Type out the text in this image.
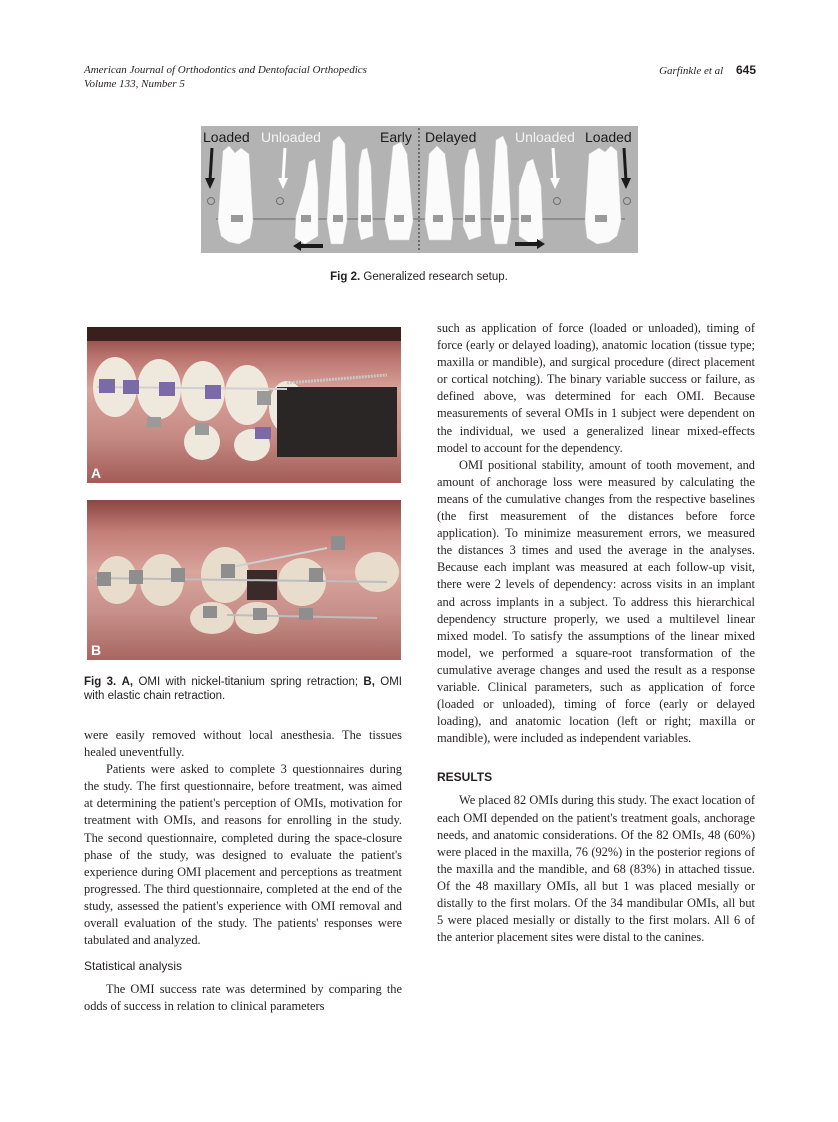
American Journal of Orthodontics and Dentofacial Orthopedics
Volume 133, Number 5
Garfinkle et al 645
Loaded Unloaded	Early Delayed	Unloaded Loaded
Fig 2. Generalized research setup.
A
B
Fig 3. A, OMI with nickel-titanium spring retraction; B, OMI with elastic chain retraction.

were easily removed without local anesthesia. The tissues healed uneventfully.

Patients were asked to complete 3 questionnaires during the study. The first questionnaire, before treatment, was aimed at determining the patient's perception of OMIs, motivation for treatment with OMIs, and reasons for enrolling in the study. The second questionnaire, completed during the space-closure phase of the study, was designed to evaluate the patient's experience during OMI placement and perceptions as treatment progressed. The third questionnaire, completed at the end of the study, assessed the patient's experience with OMI removal and overall evaluation of the study. The patients' responses were tabulated and analyzed.

Statistical analysis

The OMI success rate was determined by comparing the odds of success in relation to clinical parameters

such as application of force (loaded or unloaded), timing of force (early or delayed loading), anatomic location (tissue type; maxilla or mandible), and surgical procedure (direct placement or cortical notching). The binary variable success or failure, as defined above, was determined for each OMI. Because measurements of several OMIs in 1 subject were dependent on the individual, we used a generalized linear mixed-effects model to account for the dependency.

OMI positional stability, amount of tooth movement, and amount of anchorage loss were measured by calculating the means of the cumulative changes from the respective baselines (the first measurement of the distances before force application). To minimize measurement errors, we measured the distances 3 times and used the average in the analyses. Because each implant was measured at each follow-up visit, there were 2 levels of dependency: across visits in an implant and across implants in a subject. To address this hierarchical dependency structure properly, we used a multilevel linear mixed model. To satisfy the assumptions of the linear mixed model, we performed a square-root transformation of the cumulative average changes and used the result as a response variable. Clinical parameters, such as application of force (loaded or unloaded), timing of force (early or delayed loading), and anatomic location (left or right; maxilla or mandible), were included as independent variables.

RESULTS

We placed 82 OMIs during this study. The exact location of each OMI depended on the patient's treatment goals, anchorage needs, and anatomic considerations. Of the 82 OMIs, 48 (60%) were placed in the maxilla, 76 (92%) in the posterior regions of the maxilla and the mandible, and 68 (83%) in attached tissue. Of the 48 maxillary OMIs, all but 1 was placed mesially or distally to the first molars. Of the 34 mandibular OMIs, all but 5 were placed mesially or distally to the first molars. All 6 of the anterior placement sites were distal to the canines.
